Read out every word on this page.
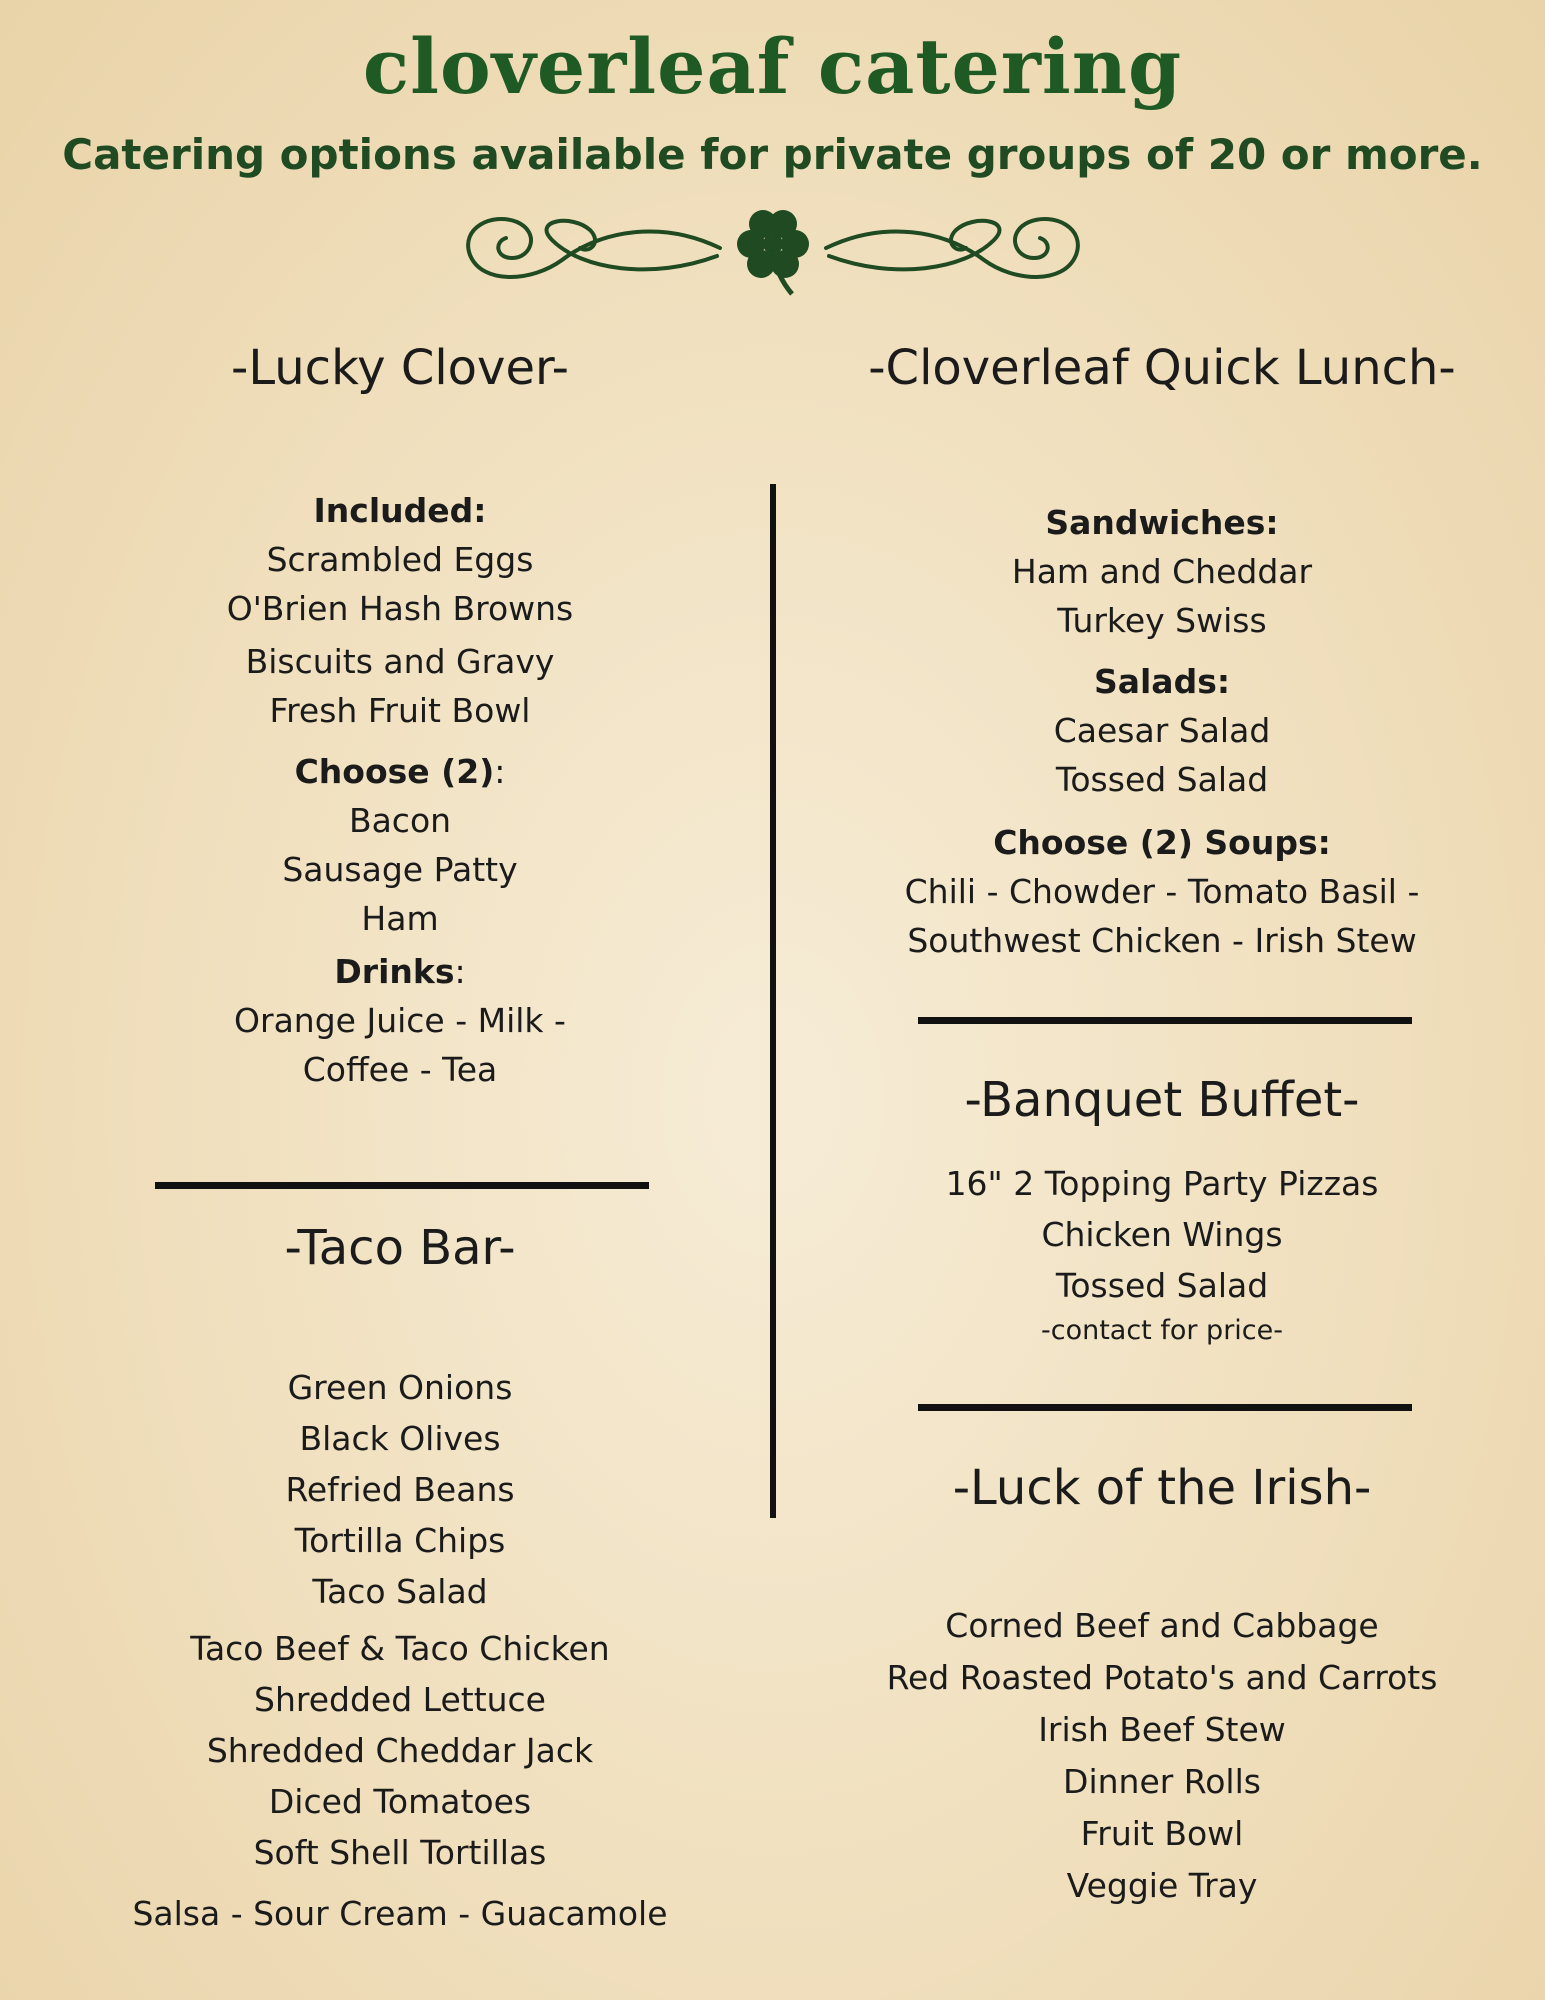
cloverleaf catering

Catering options available for private groups of 20 or more.

-Lucky Clover-

Included:

Scrambled Eggs

O'Brien Hash Browns

Biscuits and Gravy

Fresh Fruit Bowl

Choose (2):

Bacon

Sausage Patty

Ham

Drinks:

Orange Juice - Milk -

Coffee - Tea

-Taco Bar-

Green Onions

Black Olives

Refried Beans

Tortilla Chips

Taco Salad

Taco Beef & Taco Chicken

Shredded Lettuce

Shredded Cheddar Jack

Diced Tomatoes

Soft Shell Tortillas

Salsa - Sour Cream - Guacamole

-Cloverleaf Quick Lunch-

Sandwiches:

Ham and Cheddar

Turkey Swiss

Salads:

Caesar Salad

Tossed Salad

Choose (2) Soups:

Chili - Chowder - Tomato Basil -

Southwest Chicken - Irish Stew

-Banquet Buffet-

16" 2 Topping Party Pizzas

Chicken Wings

Tossed Salad

-contact for price-

-Luck of the Irish-

Corned Beef and Cabbage

Red Roasted Potato's and Carrots

Irish Beef Stew

Dinner Rolls

Fruit Bowl

Veggie Tray
